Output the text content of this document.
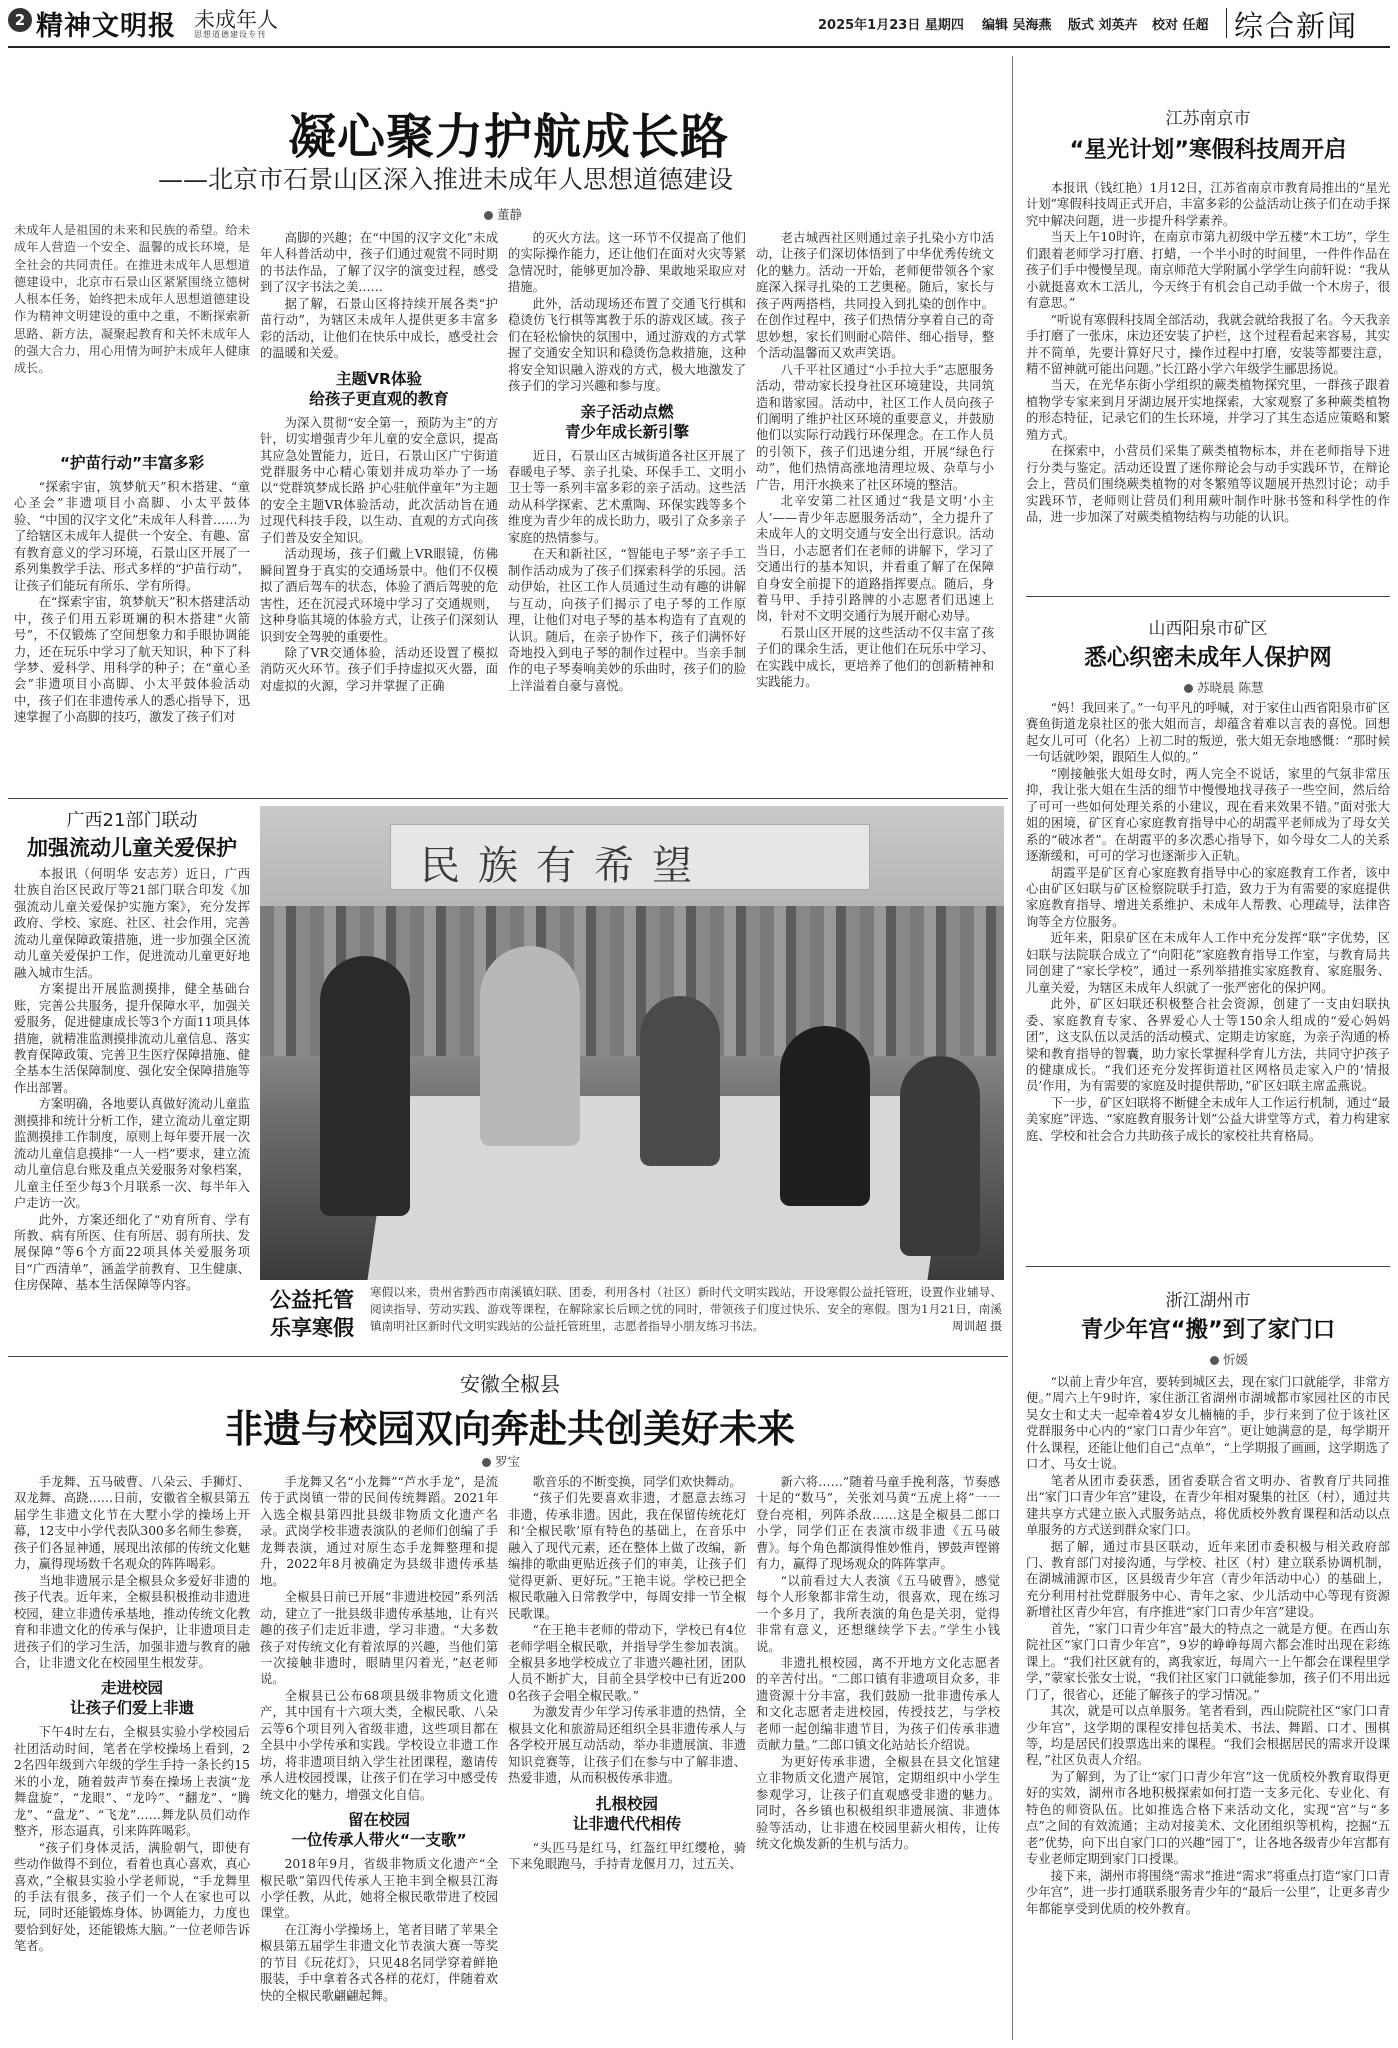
2 精神文明报 未成年人
思想道德建设专刊
2025年1月23日 星期四 编辑 吴海燕 版式 刘英卉 校对 任超 综合新闻
凝心聚力护航成长路
——北京市石景山区深入推进未成年人思想道德建设
董静
未成年人是祖国的未来和民族的希望。给未成年人营造一个安全、温馨的成长环境，是全社会的共同责任。在推进未成年人思想道德建设中，北京市石景山区紧紧围绕立德树人根本任务，始终把未成年人思想道德建设作为精神文明建设的重中之重，不断探索新思路、新方法，凝聚起教育和关怀未成年人的强大合力，用心用情为呵护未成年人健康成长。

“护苗行动”丰富多彩

“探索宇宙，筑梦航天”积木搭建、“童心圣会”非遗项目小高脚、小太平鼓体验、“中国的汉字文化”未成年人科普……为了给辖区未成年人提供一个安全、有趣、富有教育意义的学习环境，石景山区开展了一系列集教学手法、形式多样的“护苗行动”，让孩子们能玩有所乐、学有所得。

在“探索宇宙，筑梦航天”积木搭建活动中，孩子们用五彩斑斓的积木搭建“火箭号”，不仅锻炼了空间想象力和手眼协调能力，还在玩乐中学习了航天知识，种下了科学梦、爱科学、用科学的种子；在“童心圣会”非遗项目小高脚、小太平鼓体验活动中，孩子们在非遗传承人的悉心指导下，迅速掌握了小高脚的技巧，激发了孩子们对

高脚的兴趣；在“中国的汉字文化”未成年人科普活动中，孩子们通过观赏不同时期的书法作品，了解了汉字的演变过程，感受到了汉字书法之美……

据了解，石景山区将持续开展各类“护苗行动”，为辖区未成年人提供更多丰富多彩的活动，让他们在快乐中成长，感受社会的温暖和关爱。

主题VR体验
给孩子更直观的教育

为深入贯彻“安全第一，预防为主”的方针，切实增强青少年儿童的安全意识，提高其应急处置能力，近日，石景山区广宁街道党群服务中心精心策划并成功举办了一场以“党群筑梦成长路 护心驻航伴童年”为主题的安全主题VR体验活动，此次活动旨在通过现代科技手段，以生动、直观的方式向孩子们普及安全知识。

活动现场，孩子们戴上VR眼镜，仿佛瞬间置身于真实的交通场景中。他们不仅模拟了酒后驾车的状态，体验了酒后驾驶的危害性，还在沉浸式环境中学习了交通规则，这种身临其境的体验方式，让孩子们深刻认识到安全驾驶的重要性。

除了VR交通体验，活动还设置了模拟消防灭火环节。孩子们手持虚拟灭火器，面对虚拟的火源，学习并掌握了正确

的灭火方法。这一环节不仅提高了他们的实际操作能力，还让他们在面对火灾等紧急情况时，能够更加冷静、果敢地采取应对措施。

此外，活动现场还布置了交通飞行棋和稳烫仿飞行棋等寓教于乐的游戏区域。孩子们在轻松愉快的氛围中，通过游戏的方式掌握了交通安全知识和稳烫伤急救措施，这种将安全知识融入游戏的方式，极大地激发了孩子们的学习兴趣和参与度。

亲子活动点燃
青少年成长新引擎

近日，石景山区古城街道各社区开展了春暖电子琴、亲子扎染、环保手工、文明小卫士等一系列丰富多彩的亲子活动。这些活动从科学探索、艺术熏陶、环保实践等多个维度为青少年的成长助力，吸引了众多亲子家庭的热情参与。

在天和新社区，“智能电子琴”亲子手工制作活动成为了孩子们探索科学的乐园。活动伊始，社区工作人员通过生动有趣的讲解与互动，向孩子们揭示了电子琴的工作原理，让他们对电子琴的基本构造有了直观的认识。随后，在亲子协作下，孩子们满怀好奇地投入到电子琴的制作过程中。当亲手制作的电子琴奏响美妙的乐曲时，孩子们的脸上洋溢着自豪与喜悦。

老古城西社区则通过亲子扎染小方巾活动，让孩子们深切体悟到了中华优秀传统文化的魅力。活动一开始，老师便带领各个家庭深入探寻扎染的工艺奥秘。随后，家长与孩子两两搭档，共同投入到扎染的创作中。在创作过程中，孩子们热情分享着自己的奇思妙想，家长们则耐心陪伴、细心指导，整个活动温馨而又欢声笑语。

八千平社区通过“小手拉大手”志愿服务活动，带动家长投身社区环境建设，共同筑造和谐家园。活动中，社区工作人员向孩子们阐明了维护社区环境的重要意义，并鼓励他们以实际行动践行环保理念。在工作人员的引领下，孩子们迅速分组，开展“绿色行动”，他们热情高涨地清理垃圾、杂草与小广告，用汗水换来了社区环境的整洁。

北辛安第二社区通过“我是文明‘小主人’——青少年志愿服务活动”，全力提升了未成年人的文明交通与安全出行意识。活动当日，小志愿者们在老师的讲解下，学习了交通出行的基本知识，并看重了解了在保障自身安全前提下的道路指挥要点。随后，身着马甲、手持引路牌的小志愿者们迅速上岗，针对不文明交通行为展开耐心劝导。

石景山区开展的这些活动不仅丰富了孩子们的课余生活，更让他们在玩乐中学习、在实践中成长，更培养了他们的创新精神和实践能力。

广西21部门联动
加强流动儿童关爱保护

本报讯（何明华 安志芳）近日，广西壮族自治区民政厅等21部门联合印发《加强流动儿童关爱保护实施方案》，充分发挥政府、学校、家庭、社区、社会作用，完善流动儿童保障政策措施，进一步加强全区流动儿童关爱保护工作，促进流动儿童更好地融入城市生活。

方案提出开展监测摸排，健全基础台账，完善公共服务，提升保障水平，加强关爱服务，促进健康成长等3个方面11项具体措施，就精准监测摸排流动儿童信息、落实教育保障政策、完善卫生医疗保障措施、健全基本生活保障制度、强化安全保障措施等作出部署。

方案明确，各地要认真做好流动儿童监测摸排和统计分析工作，建立流动儿童定期监测摸排工作制度，原则上每年要开展一次流动儿童信息摸排“一人一档”要求，建立流动儿童信息台账及重点关爱服务对象档案，儿童主任至少每3个月联系一次、每半年入户走访一次。

此外，方案还细化了“劝育所育、学有所教、病有所医、住有所居、弱有所扶、发展保障”等6个方面22项具体关爱服务项目“广西清单”，涵盖学前教育、卫生健康、住房保障、基本生活保障等内容。

民族有希望
公益托管
乐享寒假
寒假以来，贵州省黔西市南溪镇妇联、团委，利用各村（社区）新时代文明实践站，开设寒假公益托管班，设置作业辅导、阅读指导、劳动实践、游戏等课程，在解除家长后顾之忧的同时，带领孩子们度过快乐、安全的寒假。图为1月21日，南溪镇南明社区新时代文明实践站的公益托管班里，志愿者指导小朋友练习书法。	周训超 摄
安徽全椒县
非遗与校园双向奔赴共创美好未来
罗宝

手龙舞、五马破曹、八朵云、手狮灯、双龙舞、高跷……日前，安徽省全椒县第五届学生非遗文化节在大墅小学的操场上开幕，12支中小学代表队300多名师生参赛，孩子们各显神通，展现出浓郁的传统文化魅力，赢得现场数千名观众的阵阵喝彩。

当地非遗展示是全椒县众多爱好非遗的孩子代表。近年来，全椒县积极推动非遗进校园，建立非遗传承基地，推动传统文化教育和非遗文化的传承与保护，让非遗项目走进孩子们的学习生活，加强非遗与教育的融合，让非遗文化在校园里生根发芽。

走进校园
让孩子们爱上非遗

下午4时左右，全椒县实验小学校园后社团活动时间，笔者在学校操场上看到，22名四年级到六年级的学生手持一条长约15米的小龙，随着鼓声节奏在操场上表演“龙舞盘旋”，“龙眼”、“龙吟”、“翻龙”、“腾龙”、“盘龙”、“飞龙”……舞龙队员们动作整齐，形态逼真，引来阵阵喝彩。

“孩子们身体灵活，满脸朝气，即使有些动作做得不到位，看着也真心喜欢，真心喜欢，”全椒县实验小学老师说，“手龙舞里的手法有很多，孩子们一个人在家也可以玩，同时还能锻炼身体、协调能力，力度也要恰到好处，还能锻炼大脑。”一位老师告诉笔者。

手龙舞又名“小龙舞”“芦水手龙”，是流传于武岗镇一带的民间传统舞蹈。2021年入选全椒县第四批县级非物质文化遗产名录。武岗学校非遗表演队的老师们创编了手龙舞表演，通过对原生态手龙舞整理和提升，2022年8月被确定为县级非遗传承基地。

全椒县日前已开展“非遗进校园”系列活动，建立了一批县级非遗传承基地，让有兴趣的孩子们走近非遗，学习非遗。“大多数孩子对传统文化有着浓厚的兴趣，当他们第一次接触非遗时，眼睛里闪着光，”赵老师说。

全椒县已公布68项县级非物质文化遗产，其中国有十六项大类，全椒民歌、八朵云等6个项目列入省级非遗，这些项目都在全县中小学传承和实践。学校设立非遗工作坊，将非遗项目纳入学生社团课程，邀请传承人进校园授课，让孩子们在学习中感受传统文化的魅力，增强文化自信。

留在校园
一位传承人带火“一支歌”

2018年9月，省级非物质文化遗产“全椒民歌”第四代传承人王艳丰到全椒县江海小学任教，从此，她将全椒民歌带进了校园课堂。

在江海小学操场上，笔者目睹了苹果全椒县第五届学生非遗文化节表演大赛一等奖的节目《玩花灯》，只见48名同学穿着鲜艳服装，手中拿着各式各样的花灯，伴随着欢快的全椒民歌翩翩起舞。

歌音乐的不断变换，同学们欢快舞动。

“孩子们先要喜欢非遗，才愿意去练习非遗，传承非遗。因此，我在保留传统花灯和‘全椒民歌’原有特色的基础上，在音乐中融入了现代元素，还在整体上做了改编，新编排的歌曲更贴近孩子们的审美，让孩子们觉得更新、更好玩。”王艳丰说。学校已把全椒民歌融入日常教学中，每周安排一节全椒民歌课。

“在王艳丰老师的带动下，学校已有4位老师学唱全椒民歌，并指导学生参加表演。全椒县多地学校成立了非遗兴趣社团，团队人员不断扩大，目前全县学校中已有近2000名孩子会唱全椒民歌。”

为激发青少年学习传承非遗的热情，全椒县文化和旅游局还组织全县非遗传承人与各学校开展互动活动，举办非遗展演、非遗知识竞赛等，让孩子们在参与中了解非遗、热爱非遗，从而积极传承非遗。

扎根校园
让非遗代代相传

“头匹马是红马，红盔红甲红缨枪，骑下来兔眼跑马，手持青龙偃月刀，过五关、

新六将……”随着马童手挽利落，节奏感十足的“数马”，关张刘马黄“五虎上将”一一登台亮相，列阵杀敌……这是全椒县二郎口小学，同学们正在表演市级非遗《五马破曹》。每个角色都演得惟妙惟肖，锣鼓声铿锵有力，赢得了现场观众的阵阵掌声。

“以前看过大人表演《五马破曹》，感觉每个人形象都非常生动，很喜欢，现在练习一个多月了，我所表演的角色是关羽，觉得非常有意义，还想继续学下去。”学生小钱说。

非遗扎根校园，离不开地方文化志愿者的辛苦付出。“二郎口镇有非遗项目众多，非遗资源十分丰富，我们鼓励一批非遗传承人和文化志愿者走进校园，传授技艺，与学校老师一起创编非遗节目，为孩子们传承非遗贡献力量。”二郎口镇文化站站长介绍说。

为更好传承非遗，全椒县在县文化馆建立非物质文化遗产展馆，定期组织中小学生参观学习，让孩子们直观感受非遗的魅力。同时，各乡镇也积极组织非遗展演、非遗体验等活动，让非遗在校园里薪火相传，让传统文化焕发新的生机与活力。

江苏南京市
“星光计划”寒假科技周开启

本报讯（钱红艳）1月12日，江苏省南京市教育局推出的“星光计划”寒假科技周正式开启，丰富多彩的公益活动让孩子们在动手探究中解决问题，进一步提升科学素养。

当天上午10时许，在南京市第九初级中学五楼“木工坊”，学生们跟着老师学习打磨、打蜡，一个半小时的时间里，一件件作品在孩子们手中慢慢呈现。南京师范大学附属小学学生向前轩说：“我从小就挺喜欢木工活儿，今天终于有机会自己动手做一个木房子，很有意思。”

“听说有寒假科技周全部活动，我就会就给我报了名。今天我亲手打磨了一张床，床边还安装了护栏，这个过程看起来容易，其实并不简单，先要计算好尺寸，操作过程中打磨，安装等都要注意，精不留神就可能出问题。”长江路小学六年级学生郦思扬说。

当天，在光华东街小学组织的蕨类植物探究里，一群孩子跟着植物学专家来到月牙湖边展开实地探索，大家观察了多种蕨类植物的形态特征，记录它们的生长环境，并学习了其生态适应策略和繁殖方式。

在探索中，小营员们采集了蕨类植物标本，并在老师指导下进行分类与鉴定。活动还设置了迷你辩论会与动手实践环节，在辩论会上，营员们围绕蕨类植物的对冬繁殖等议题展开热烈讨论；动手实践环节，老师则让营员们利用蕨叶制作叶脉书签和科学性的作品，进一步加深了对蕨类植物结构与功能的认识。

山西阳泉市矿区
悉心织密未成年人保护网
苏晓晨 陈慧

“妈！我回来了。”一句平凡的呼喊，对于家住山西省阳泉市矿区赛鱼街道龙泉社区的张大姐而言，却蕴含着难以言表的喜悦。回想起女儿可可（化名）上初二时的叛逆，张大姐无奈地感慨：“那时候一句话就吵架，跟陌生人似的。”

“刚接触张大姐母女时，两人完全不说话，家里的气氛非常压抑，我让张大姐在生活的细节中慢慢地找寻孩子一些空间，然后给了可可一些如何处理关系的小建议，现在看来效果不错。”面对张大姐的困境，矿区育心家庭教育指导中心的胡霞平老师成为了母女关系的“破冰者”。在胡霞平的多次悉心指导下，如今母女二人的关系逐渐缓和，可可的学习也逐渐步入正轨。

胡霞平是矿区育心家庭教育指导中心的家庭教育工作者，该中心由矿区妇联与矿区检察院联手打造，致力于为有需要的家庭提供家庭教育指导、增进关系维护、未成年人帮教、心理疏导，法律咨询等全方位服务。

近年来，阳泉矿区在未成年人工作中充分发挥“联”字优势，区妇联与法院联合成立了“向阳花”家庭教育指导工作室，与教育局共同创建了“家长学校”，通过一系列举措推实家庭教育、家庭服务、儿童关爱，为辖区未成年人织就了一张严密化的保护网。

此外，矿区妇联还积极整合社会资源，创建了一支由妇联执委、家庭教育专家、各界爱心人士等150余人组成的“爱心妈妈团”，这支队伍以灵活的活动模式、定期走访家庭，为亲子沟通的桥梁和教育指导的智囊，助力家长掌握科学育儿方法，共同守护孩子的健康成长。“我们还充分发挥街道社区网格员走家入户的‘情报员’作用，为有需要的家庭及时提供帮助，”矿区妇联主席孟燕说。

下一步，矿区妇联将不断健全未成年人工作运行机制，通过“最美家庭”评选、“家庭教育服务计划”公益大讲堂等方式，着力构建家庭、学校和社会合力共助孩子成长的家校社共育格局。

浙江湖州市
青少年宫“搬”到了家门口
忻媛

“以前上青少年宫，要转到城区去，现在家门口就能学，非常方便。”周六上午9时许，家住浙江省湖州市湖城都市家园社区的市民吴女士和丈夫一起牵着4岁女儿楠楠的手，步行来到了位于该社区党群服务中心内的“家门口青少年宫”。更让她满意的是，每学期开什么课程，还能让他们自己“点单”，“上学期报了画画，这学期选了口才、马女士说。

笔者从团市委获悉，团省委联合省文明办、省教育厅共同推出“家门口青少年宫”建设，在青少年相对聚集的社区（村），通过共建共享方式建立嵌入式服务站点，将优质校外教育课程和活动以点单服务的方式送到群众家门口。

据了解，通过市县区联动，近年来团市委积极与相关政府部门、教育部门对接沟通，与学校、社区（村）建立联系协调机制，在湖城浦源市区，区县级青少年宫（青少年活动中心）的基础上，充分利用村社党群服务中心、青年之家、少儿活动中心等现有资源新增社区青少年宫，有序推进“家门口青少年宫”建设。

首先，“家门口青少年宫”最大的特点之一就是方便。在西山东院社区“家门口青少年宫”，9岁的峥峥每周六都会准时出现在彩练课上。“我们社区就有的，离我家近，每周六一上午都会在课程里学学，”蒙家长张女士说，“我们社区家门口就能参加，孩子们不用出远门了，很省心，还能了解孩子的学习情况。”

其次，就是可以点单服务。笔者看到，西山院院社区“家门口青少年宫”，这学期的课程安排包括美术、书法、舞蹈、口才、围棋等，均是居民们投票选出来的课程。“我们会根据居民的需求开设课程，”社区负责人介绍。

为了解到，为了让“家门口青少年宫”这一优质校外教育取得更好的实效，湖州市各地积极探索如何打造一支多元化、专业化、有特色的师资队伍。比如推选合格下来活动文化，实现“宫”与“多点”之间的有效流通；主动对接美术、文化团组织等机构，挖掘“五老”优势，向下出自家门口的兴趣“园丁”，让各地各级青少年宫都有专业老师定期到家门口授课。

接下来，湖州市将围绕“需求”推进“需求”将重点打造“家门口青少年宫”，进一步打通联系服务青少年的“最后一公里”，让更多青少年都能享受到优质的校外教育。
